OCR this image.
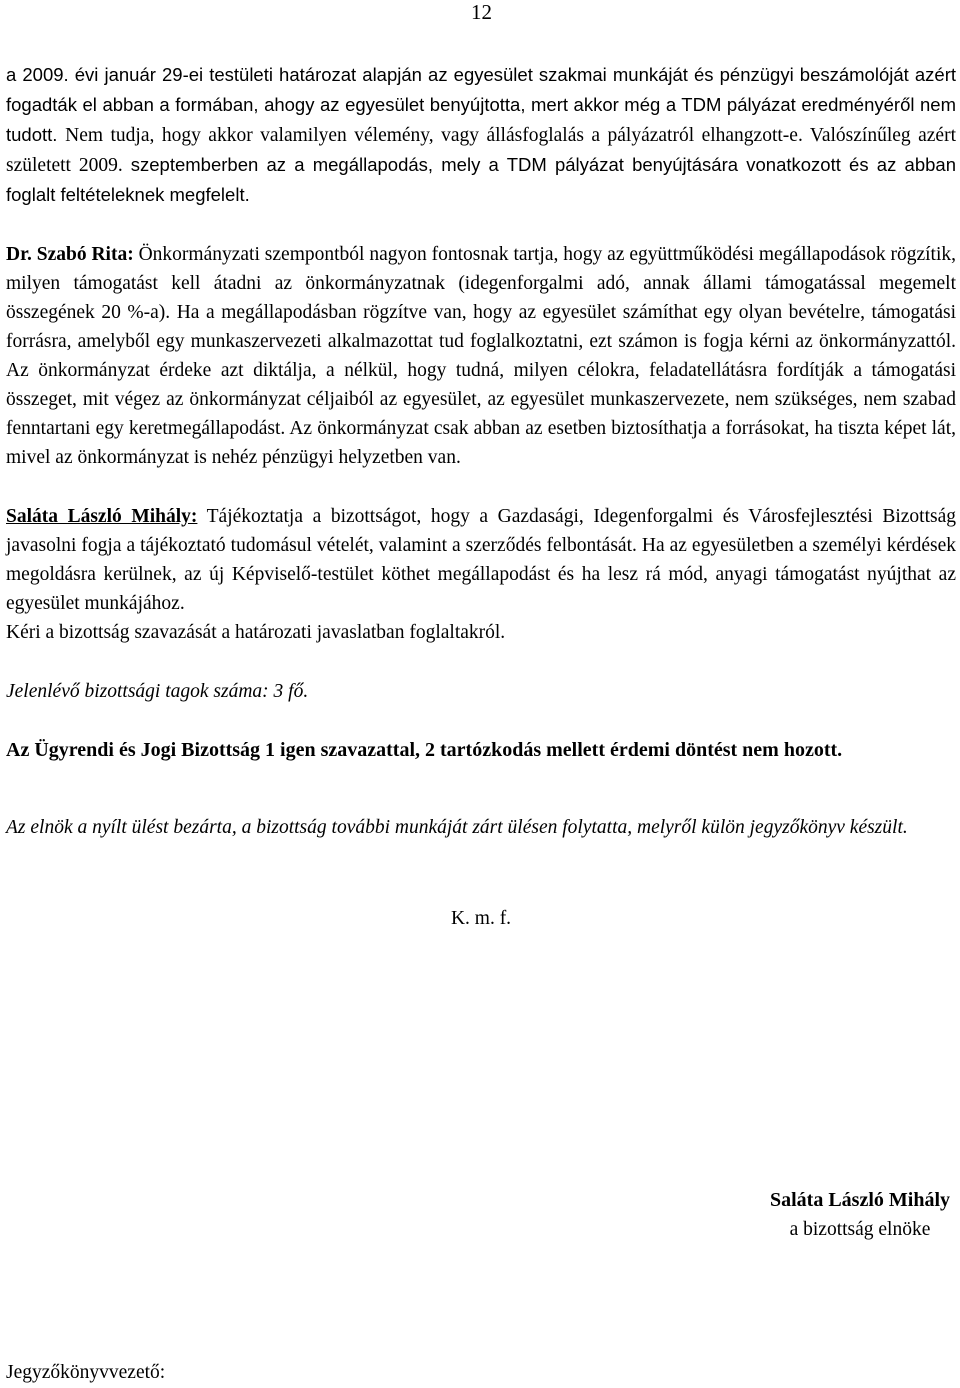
12

a 2009. évi január 29-ei testületi határozat alapján az egyesület szakmai munkáját és pénzügyi beszámolóját azért fogadták el abban a formában, ahogy az egyesület benyújtotta, mert akkor még a TDM pályázat eredményéről nem tudott. Nem tudja, hogy akkor valamilyen vélemény, vagy állásfoglalás a pályázatról elhangzott-e. Valószínűleg azért született 2009. szeptemberben az a megállapodás, mely a TDM pályázat benyújtására vonatkozott és az abban foglalt feltételeknek megfelelt.

Dr. Szabó Rita: Önkormányzati szempontból nagyon fontosnak tartja, hogy az együttműködési megállapodások rögzítik, milyen támogatást kell átadni az önkormányzatnak (idegenforgalmi adó, annak állami támogatással megemelt összegének 20 %-a). Ha a megállapodásban rögzítve van, hogy az egyesület számíthat egy olyan bevételre, támogatási forrásra, amelyből egy munkaszervezeti alkalmazottat tud foglalkoztatni, ezt számon is fogja kérni az önkormányzattól. Az önkormányzat érdeke azt diktálja, a nélkül, hogy tudná, milyen célokra, feladatellátásra fordítják a támogatási összeget, mit végez az önkormányzat céljaiból az egyesület, az egyesület munkaszervezete, nem szükséges, nem szabad fenntartani egy keretmegállapodást. Az önkormányzat csak abban az esetben biztosíthatja a forrásokat, ha tiszta képet lát, mivel az önkormányzat is nehéz pénzügyi helyzetben van.

Saláta László Mihály: Tájékoztatja a bizottságot, hogy a Gazdasági, Idegenforgalmi és Városfejlesztési Bizottság javasolni fogja a tájékoztató tudomásul vételét, valamint a szerződés felbontását. Ha az egyesületben a személyi kérdések megoldásra kerülnek, az új Képviselő-testület köthet megállapodást és ha lesz rá mód, anyagi támogatást nyújthat az egyesület munkájához.

Kéri a bizottság szavazását a határozati javaslatban foglaltakról.

Jelenlévő bizottsági tagok száma: 3 fő.

Az Ügyrendi és Jogi Bizottság 1 igen szavazattal, 2 tartózkodás mellett érdemi döntést nem hozott.

Az elnök a nyílt ülést bezárta, a bizottság további munkáját zárt ülésen folytatta, melyről külön jegyzőkönyv készült.

K. m. f.

Saláta László Mihály
a bizottság elnöke
Jegyzőkönyvvezető:
